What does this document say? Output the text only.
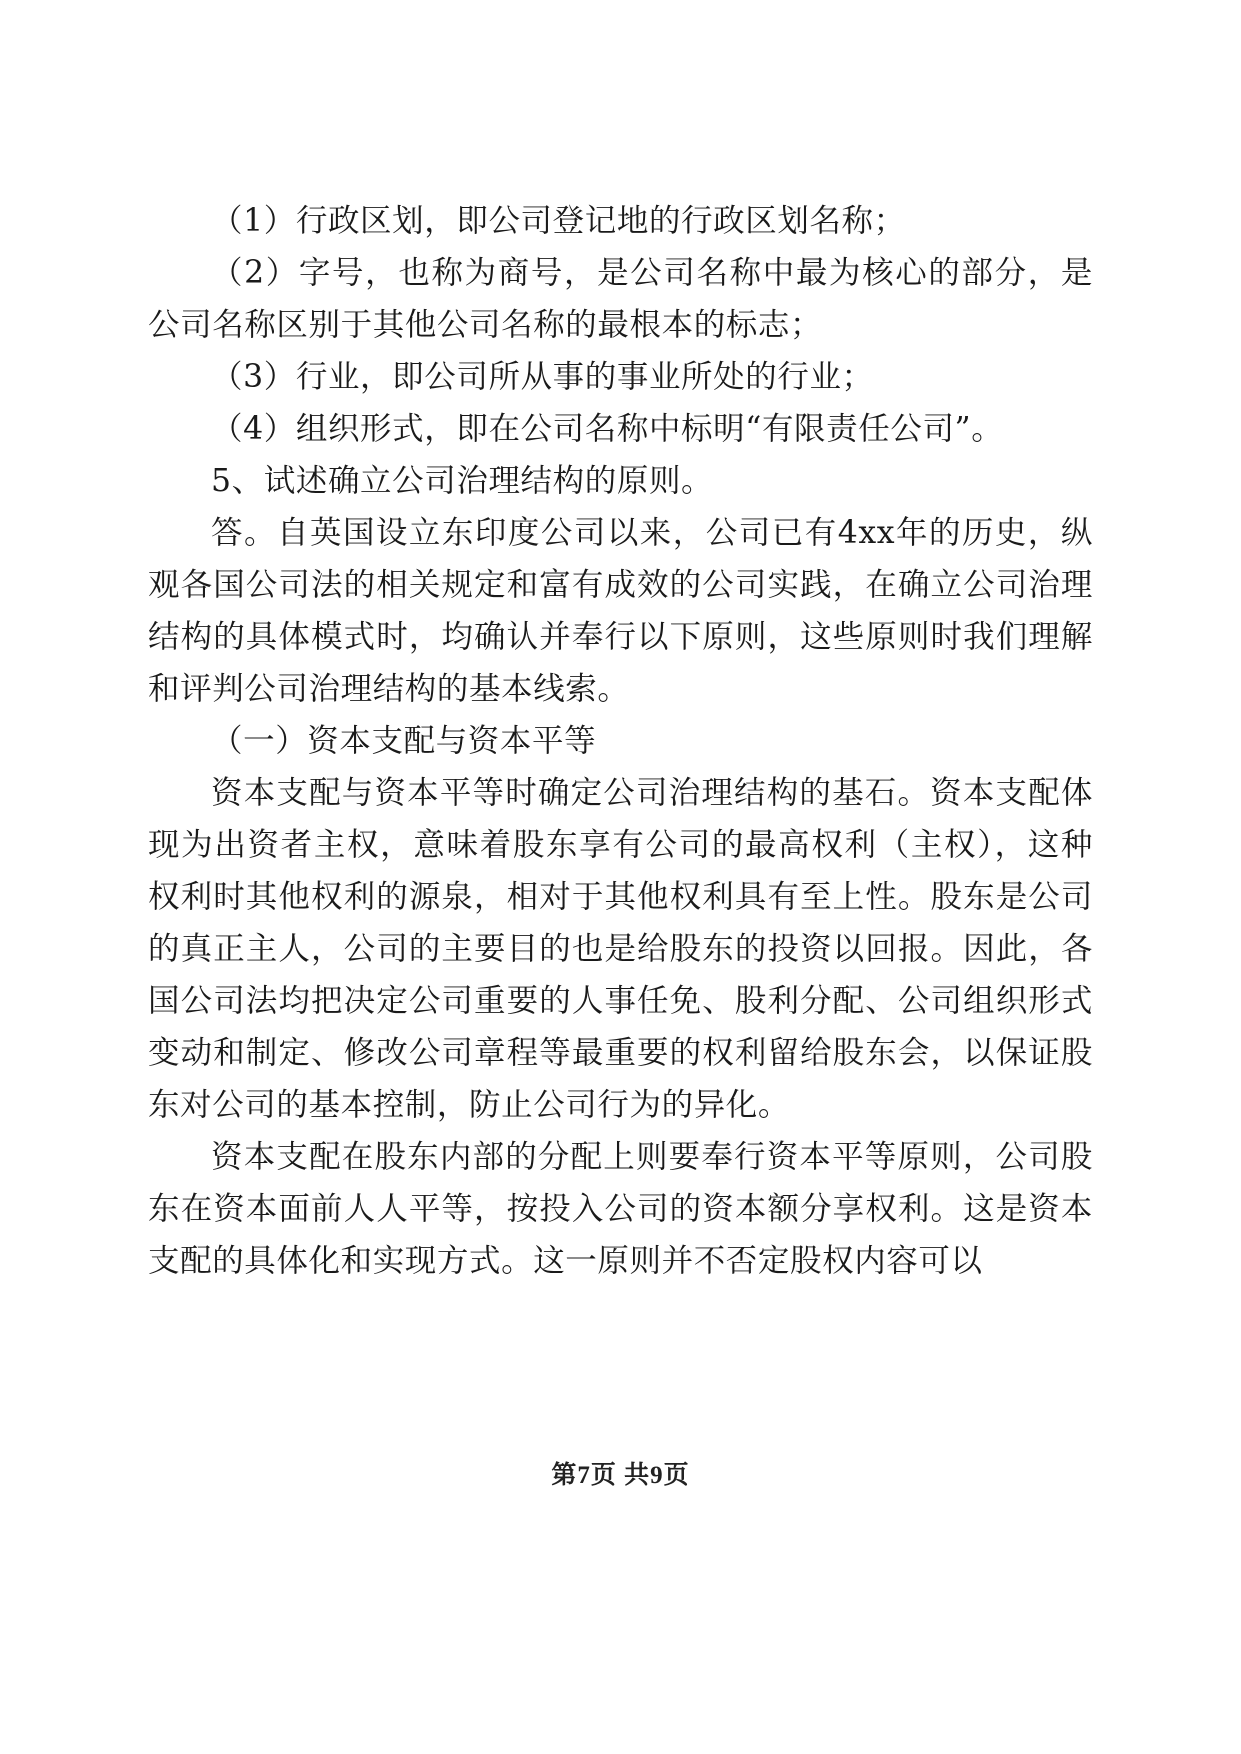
（1）行政区划，即公司登记地的行政区划名称；

（2）字号，也称为商号，是公司名称中最为核心的部分，是公司名称区别于其他公司名称的最根本的标志；

（3）行业，即公司所从事的事业所处的行业；

（4）组织形式，即在公司名称中标明“有限责任公司”。

5、试述确立公司治理结构的原则。

答。自英国设立东印度公司以来，公司已有4xx年的历史，纵观各国公司法的相关规定和富有成效的公司实践，在确立公司治理结构的具体模式时，均确认并奉行以下原则，这些原则时我们理解和评判公司治理结构的基本线索。

（一）资本支配与资本平等

资本支配与资本平等时确定公司治理结构的基石。资本支配体现为出资者主权，意味着股东享有公司的最高权利（主权），这种权利时其他权利的源泉，相对于其他权利具有至上性。股东是公司的真正主人，公司的主要目的也是给股东的投资以回报。因此，各国公司法均把决定公司重要的人事任免、股利分配、公司组织形式变动和制定、修改公司章程等最重要的权利留给股东会，以保证股东对公司的基本控制，防止公司行为的异化。

资本支配在股东内部的分配上则要奉行资本平等原则，公司股东在资本面前人人平等，按投入公司的资本额分享权利。这是资本支配的具体化和实现方式。这一原则并不否定股权内容可以

第7页 共9页
